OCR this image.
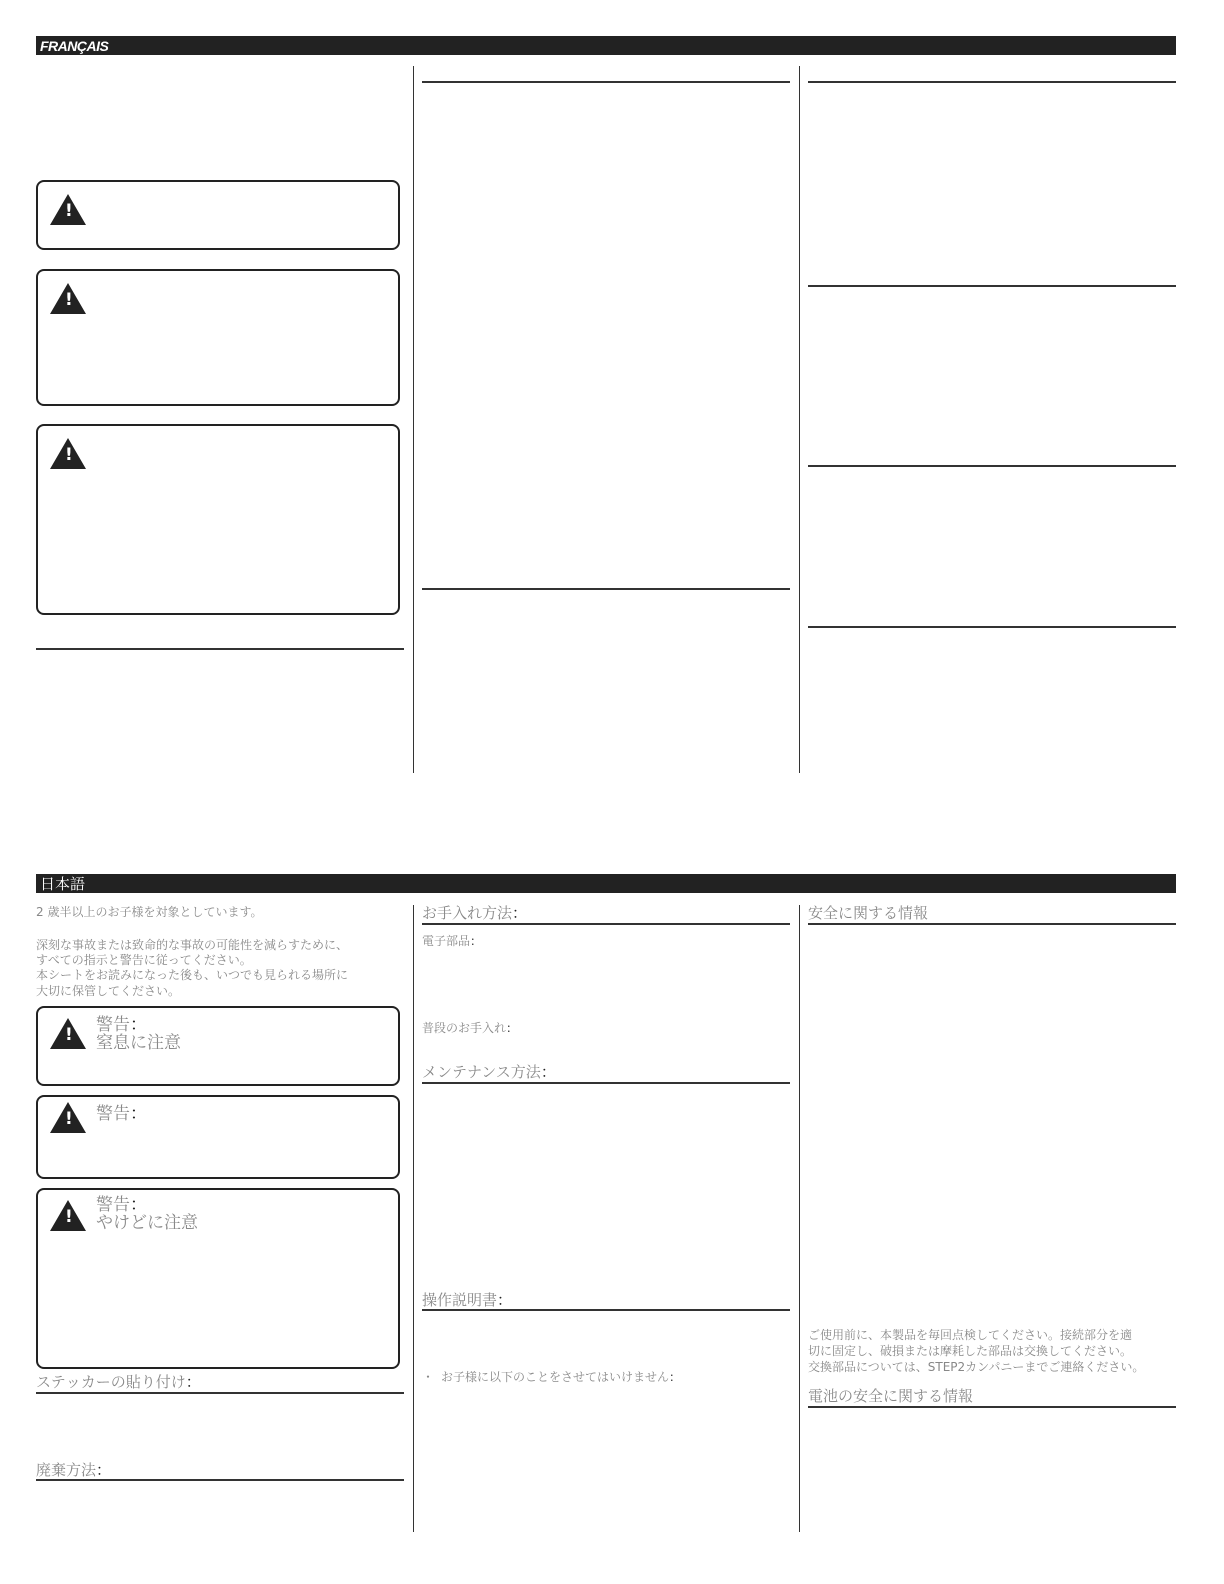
FRANÇAIS
!
!
!
日本語
2 歳半以上のお子様を対象としています。
深刻な事故または致命的な事故の可能性を減らすために、
すべての指示と警告に従ってください。
本シートをお読みになった後も、いつでも見られる場所に
大切に保管してください。
! 警告：
窒息に注意
! 警告：
!
警告：
やけどに注意
ステッカーの貼り付け：
廃棄方法：
お手入れ方法：
電子部品：
普段のお手入れ：
メンテナンス方法：
操作説明書：
・ お子様に以下のことをさせてはいけません：
安全に関する情報
ご使用前に、本製品を毎回点検してください。接続部分を適
切に固定し、破損または摩耗した部品は交換してください。
交換部品については、STEP2カンパニーまでご連絡ください。
電池の安全に関する情報
